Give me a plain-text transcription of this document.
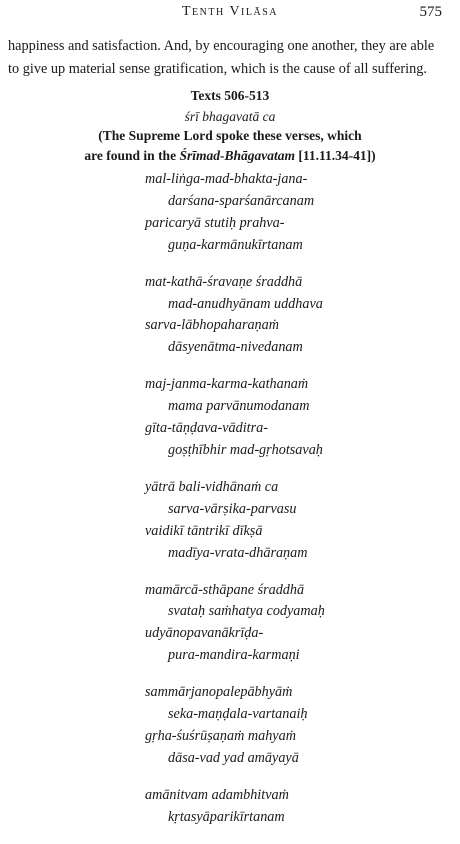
Tenth Vilāsa	575

happiness and satisfaction. And, by encouraging one another, they are able

to give up material sense gratification, which is the cause of all suffering.

Texts 506-513
śrī bhagavatā ca
(The Supreme Lord spoke these verses, which
are found in the Śrīmad-Bhāgavatam [11.11.34-41])
mal-liṅga-mad-bhakta-jana-
darśana-sparśanārcanam
paricaryā stutiḥ prahva-
guṇa-karmānukīrtanam
mat-kathā-śravaṇe śraddhā
mad-anudhyānam uddhava
sarva-lābhopaharaṇaṁ
dāsyenātma-nivedanam
maj-janma-karma-kathanaṁ
mama parvānumodanam
gīta-tāṇḍava-vāditra-
goṣṭhībhir mad-gṛhotsavaḥ
yātrā bali-vidhānaṁ ca
sarva-vārṣika-parvasu
vaidikī tāntrikī dīkṣā
madīya-vrata-dhāraṇam
mamārcā-sthāpane śraddhā
svataḥ saṁhatya codyamaḥ
udyānopavanākrīḍa-
pura-mandira-karmaṇi
sammārjanopalepābhyāṁ
seka-maṇḍala-vartanaiḥ
gṛha-śuśrūṣaṇaṁ mahyaṁ
dāsa-vad yad amāyayā
amānitvam adambhitvaṁ
kṛtasyāparikīrtanam
